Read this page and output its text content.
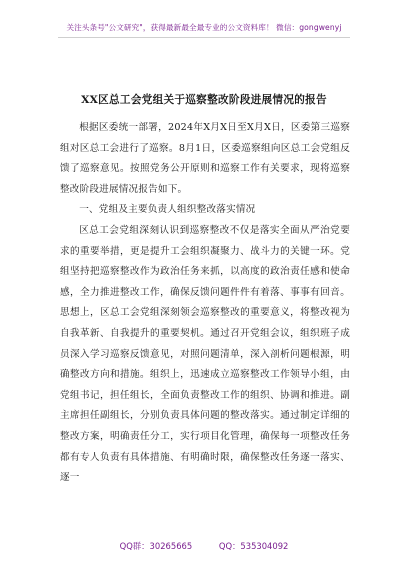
关注头条号"公文研究"，获得最新最全最专业的公文资料库！ 微信：gongwenyj
XX区总工会党组关于巡察整改阶段进展情况的报告

根据区委统一部署，2024年X月X日至X月X日，区委第三巡察组对区总工会进行了巡察。8月1日，区委巡察组向区总工会党组反馈了巡察意见。按照党务公开原则和巡察工作有关要求，现将巡察整改阶段进展情况报告如下。

一、党组及主要负责人组织整改落实情况

区总工会党组深刻认识到巡察整改不仅是落实全面从严治党要求的重要举措，更是提升工会组织凝聚力、战斗力的关键一环。党组坚持把巡察整改作为政治任务来抓，以高度的政治责任感和使命感，全力推进整改工作，确保反馈问题件件有着落、事事有回音。思想上，区总工会党组深刻领会巡察整改的重要意义，将整改视为自我革新、自我提升的重要契机。通过召开党组会议，组织班子成员深入学习巡察反馈意见，对照问题清单，深入剖析问题根源，明确整改方向和措施。组织上，迅速成立巡察整改工作领导小组，由党组书记，担任组长，全面负责整改工作的组织、协调和推进。副主席担任副组长，分别负责具体问题的整改落实。通过制定详细的整改方案，明确责任分工，实行项目化管理，确保每一项整改任务都有专人负责有具体措施、有明确时限，确保整改任务逐一落实、逐一

QQ群：30265665	QQ：535304092
